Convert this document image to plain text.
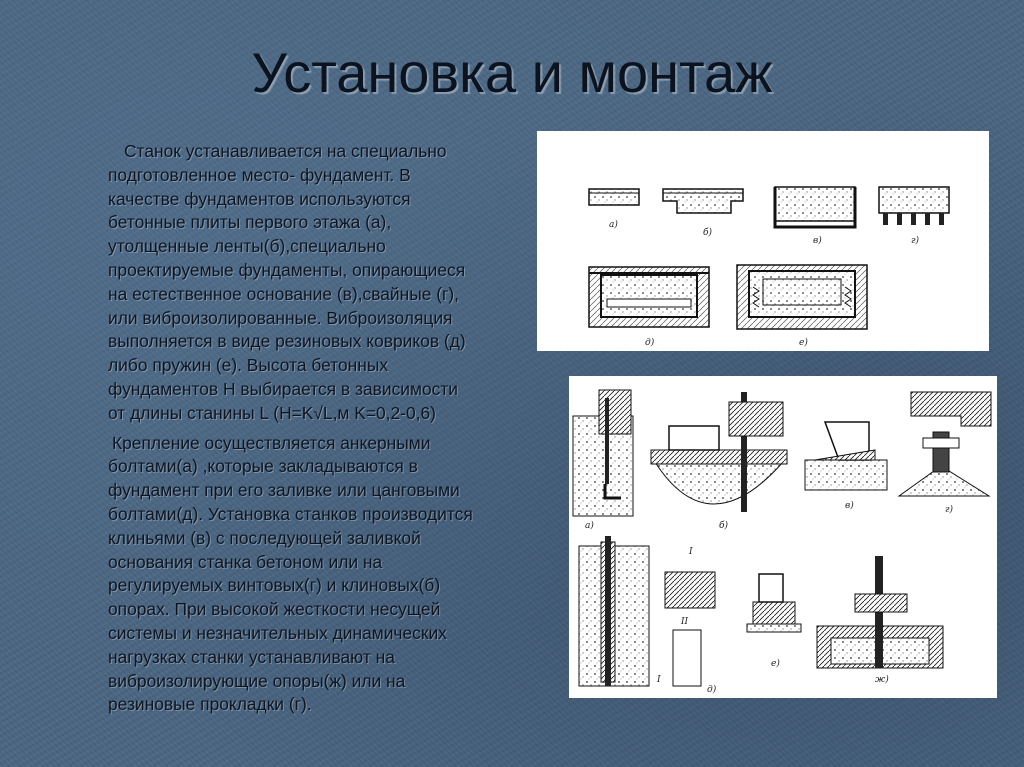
Установка и монтаж

Станок устанавливается на специально
подготовленное место- фундамент. В
качестве фундаментов используются
бетонные плиты первого этажа (а),
утолщенные ленты(б),специально
проектируемые фундаменты, опирающиеся
на естественное основание (в),свайные (г),
или виброизолированные. Виброизоляция
выполняется в виде резиновых ковриков (д)
либо пружин (е). Высота бетонных
фундаментов Н выбирается в зависимости
от длины станины L (H=K√L,м K=0,2-0,6)

Крепление осуществляется анкерными
болтами(а) ,которые закладываются в
фундамент при его заливке или цанговыми
болтами(д). Установка станков производится
клиньями (в) с последующей заливкой
основания станка бетоном или на
регулируемых винтовых(г) и клиновых(б)
опорах. При высокой жесткости несущей
системы и незначительных динамических
нагрузках станки устанавливают на
виброизолирующие опоры(ж) или на
резиновые прокладки (г).

а)
б)
в)	г)
д)	е)
а)	б)
в)	г)
д)
е)
ж)
I
II
I
